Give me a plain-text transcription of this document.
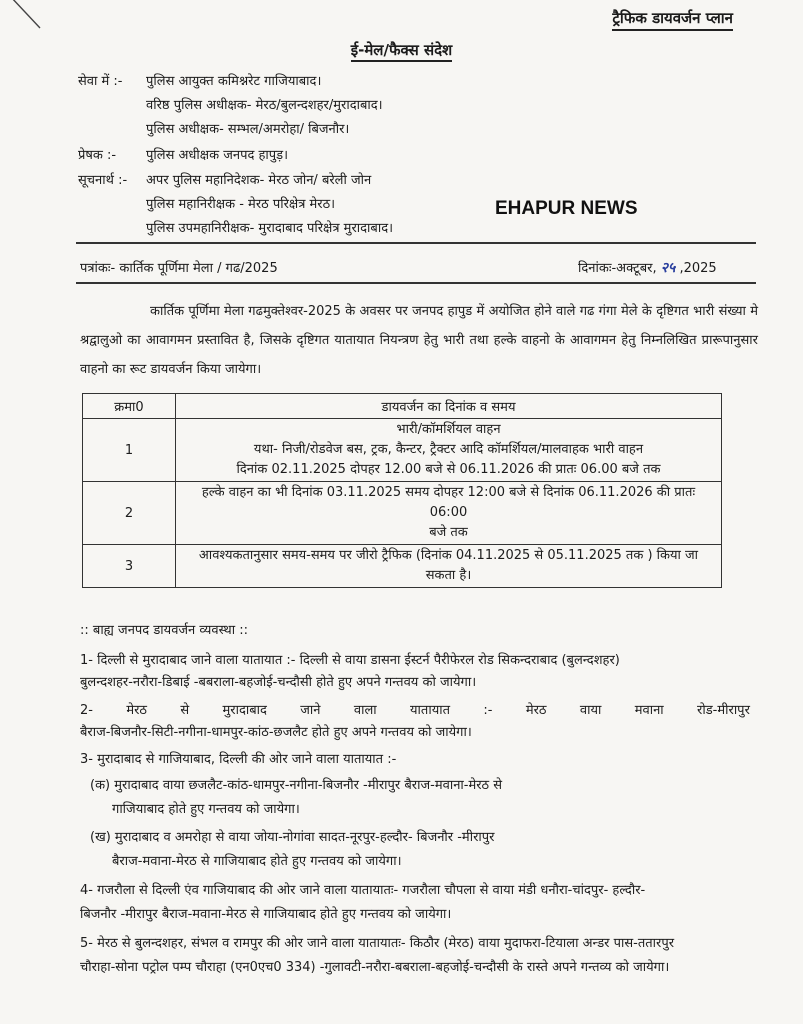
ट्रैफिक डायवर्जन प्लान
ई-मेल/फैक्स संदेश
सेवा में :- पुलिस आयुक्त कमिश्नरेट गाजियाबाद।
वरिष्ठ पुलिस अधीक्षक- मेरठ/बुलन्दशहर/मुरादाबाद।
पुलिस अधीक्षक- सम्भल/अमरोहा/ बिजनौर।
प्रेषक :- पुलिस अधीक्षक जनपद हापुड़।
सूचनार्थ :- अपर पुलिस महानिदेशक- मेरठ जोन/ बरेली जोन
पुलिस महानिरीक्षक - मेरठ परिक्षेत्र मेरठ।
पुलिस उपमहानिरीक्षक- मुरादाबाद परिक्षेत्र मुरादाबाद।
EHAPUR NEWS
पत्रांकः- कार्तिक पूर्णिमा मेला / गढ/2025	दिनांकः-अक्टूबर, २५ ,2025
कार्तिक पूर्णिमा मेला गढमुक्तेश्वर-2025 के अवसर पर जनपद हापुड में अयोजित होने वाले गढ गंगा मेले के दृष्टिगत भारी संख्या मे श्रद्वालुओ का आवागमन प्रस्तावित है, जिसके दृष्टिगत यातायात नियन्त्रण हेतु भारी तथा हल्के वाहनो के आवागमन हेतु निम्नलिखित प्रारूपानुसार वाहनो का रूट डायवर्जन किया जायेगा।
क्रमा0	डायवर्जन का दिनांक व समय
1	भारी/कॉमर्शियल वाहन
यथा- निजी/रोडवेज बस, ट्रक, कैन्टर, ट्रैक्टर आदि कॉमर्शियल/मालवाहक भारी वाहन
दिनांक 02.11.2025 दोपहर 12.00 बजे से 06.11.2026 की प्रातः 06.00 बजे तक

2	हल्के वाहन का भी दिनांक 03.11.2025 समय दोपहर 12:00 बजे से दिनांक 06.11.2026 की प्रातः 06:00
बजे तक

3	आवश्यकतानुसार समय-समय पर जीरो ट्रैफिक (दिनांक 04.11.2025 से 05.11.2025 तक ) किया जा
सकता है।
:: बाह्य जनपद डायवर्जन व्यवस्था ::
1- दिल्ली से मुरादाबाद जाने वाला यातायात :- दिल्ली से वाया डासना ईस्टर्न पैरीफेरल रोड सिकन्दराबाद (बुलन्दशहर)
बुलन्दशहर-नरौरा-डिबाई -बबराला-बहजोई-चन्दौसी होते हुए अपने गन्तवय को जायेगा।
2-	मेरठ	से	मुरादाबाद	जाने	वाला	यातायात	:-	मेरठ	वाया	मवाना	रोड-मीरापुर
बैराज-बिजनौर-सिटी-नगीना-धामपुर-कांठ-छजलैट होते हुए अपने गन्तवय को जायेगा।
3- मुरादाबाद से गाजियाबाद, दिल्ली की ओर जाने वाला यातायात :-
(क) मुरादाबाद वाया छजलैट-कांठ-धामपुर-नगीना-बिजनौर -मीरापुर बैराज-मवाना-मेरठ से
गाजियाबाद होते हुए गन्तवय को जायेगा।
(ख) मुरादाबाद व अमरोहा से वाया जोया-नोगांवा सादत-नूरपुर-हल्दौर- बिजनौर -मीरापुर
बैराज-मवाना-मेरठ से गाजियाबाद होते हुए गन्तवय को जायेगा।
4- गजरौला से दिल्ली एंव गाजियाबाद की ओर जाने वाला यातायातः- गजरौला चौपला से वाया मंडी धनौरा-चांदपुर- हल्दौर-
बिजनौर -मीरापुर बैराज-मवाना-मेरठ से गाजियाबाद होते हुए गन्तवय को जायेगा।
5- मेरठ से बुलन्दशहर, संभल व रामपुर की ओर जाने वाला यातायातः- किठौर (मेरठ) वाया मुदाफरा-टियाला अन्डर पास-ततारपुर
चौराहा-सोना पट्रोल पम्प चौराहा (एन0एच0 334) -गुलावटी-नरौरा-बबराला-बहजोई-चन्दौसी के रास्ते अपने गन्तव्य को जायेगा।
